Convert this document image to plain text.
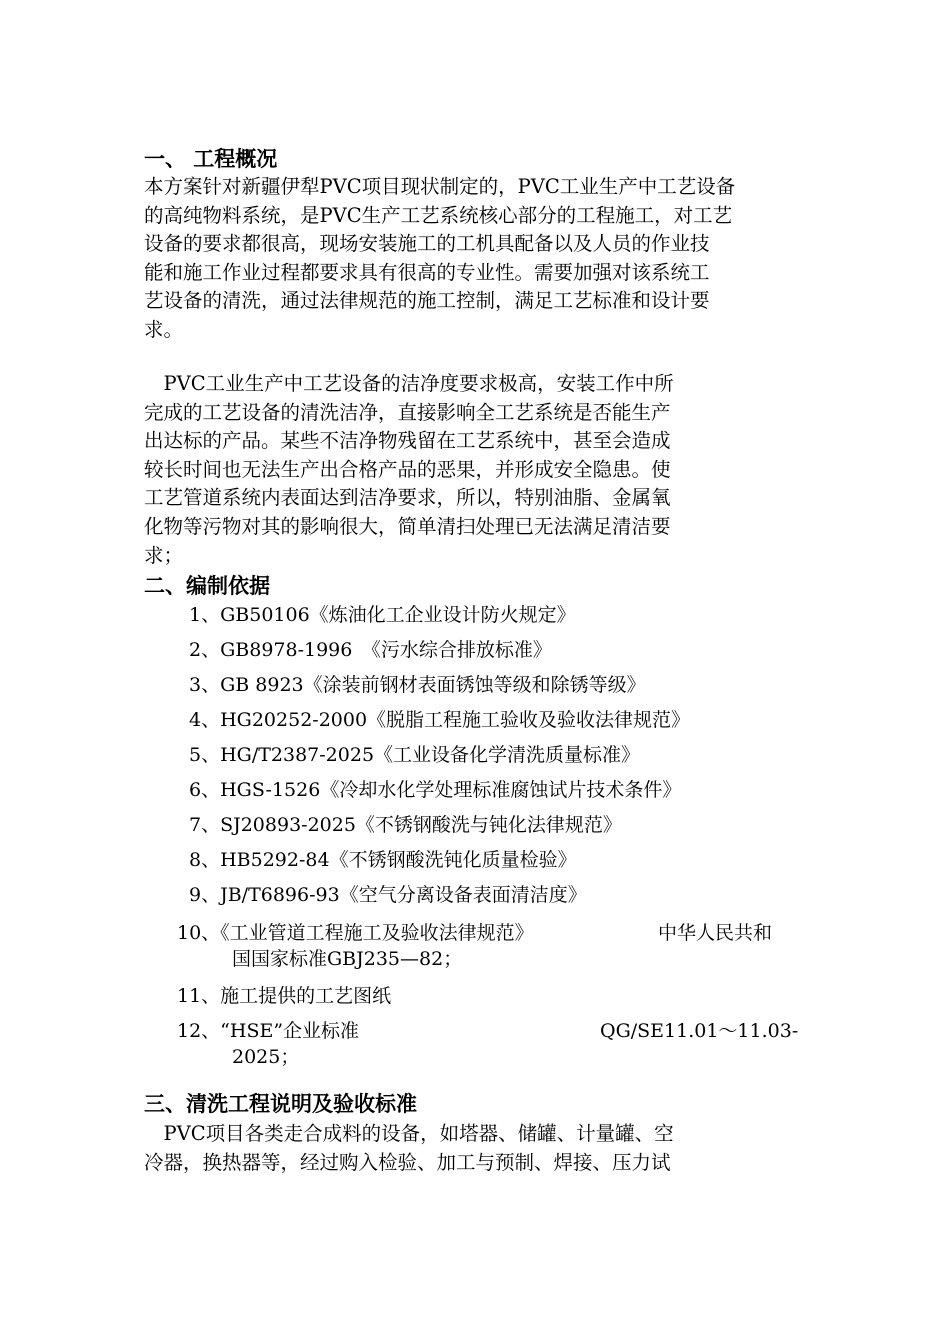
一、 工程概况
本方案针对新疆伊犁PVC项目现状制定的，PVC工业生产中工艺设备
的高纯物料系统，是PVC生产工艺系统核心部分的工程施工，对工艺
设备的要求都很高，现场安装施工的工机具配备以及人员的作业技
能和施工作业过程都要求具有很高的专业性。需要加强对该系统工
艺设备的清洗，通过法律规范的施工控制，满足工艺标准和设计要
求。
　PVC工业生产中工艺设备的洁净度要求极高，安装工作中所
完成的工艺设备的清洗洁净，直接影响全工艺系统是否能生产
出达标的产品。某些不洁净物残留在工艺系统中，甚至会造成
较长时间也无法生产出合格产品的恶果，并形成安全隐患。使
工艺管道系统内表面达到洁净要求，所以，特别油脂、金属氧
化物等污物对其的影响很大，简单清扫处理已无法满足清洁要
求；
二、编制依据
1、GB50106《炼油化工企业设计防火规定》
2、GB8978-1996　《污水综合排放标准》
3、GB 8923《涂装前钢材表面锈蚀等级和除锈等级》
4、HG20252-2000《脱脂工程施工验收及验收法律规范》
5、HG/T2387-2025《工业设备化学清洗质量标准》
6、HGS-1526《冷却水化学处理标准腐蚀试片技术条件》
7、SJ20893-2025《不锈钢酸洗与钝化法律规范》
8、HB5292-84《不锈钢酸洗钝化质量检验》
9、JB/T6896-93《空气分离设备表面清洁度》
10、《工业管道工程施工及验收法律规范》	中华人民共和
国国家标准GBJ235—82；
11、施工提供的工艺图纸
12、“HSE”企业标准	QG/SE11.01～11.03-
2025；
三、清洗工程说明及验收标准
　PVC项目各类走合成料的设备，如塔器、储罐、计量罐、空
冷器，换热器等，经过购入检验、加工与预制、焊接、压力试
